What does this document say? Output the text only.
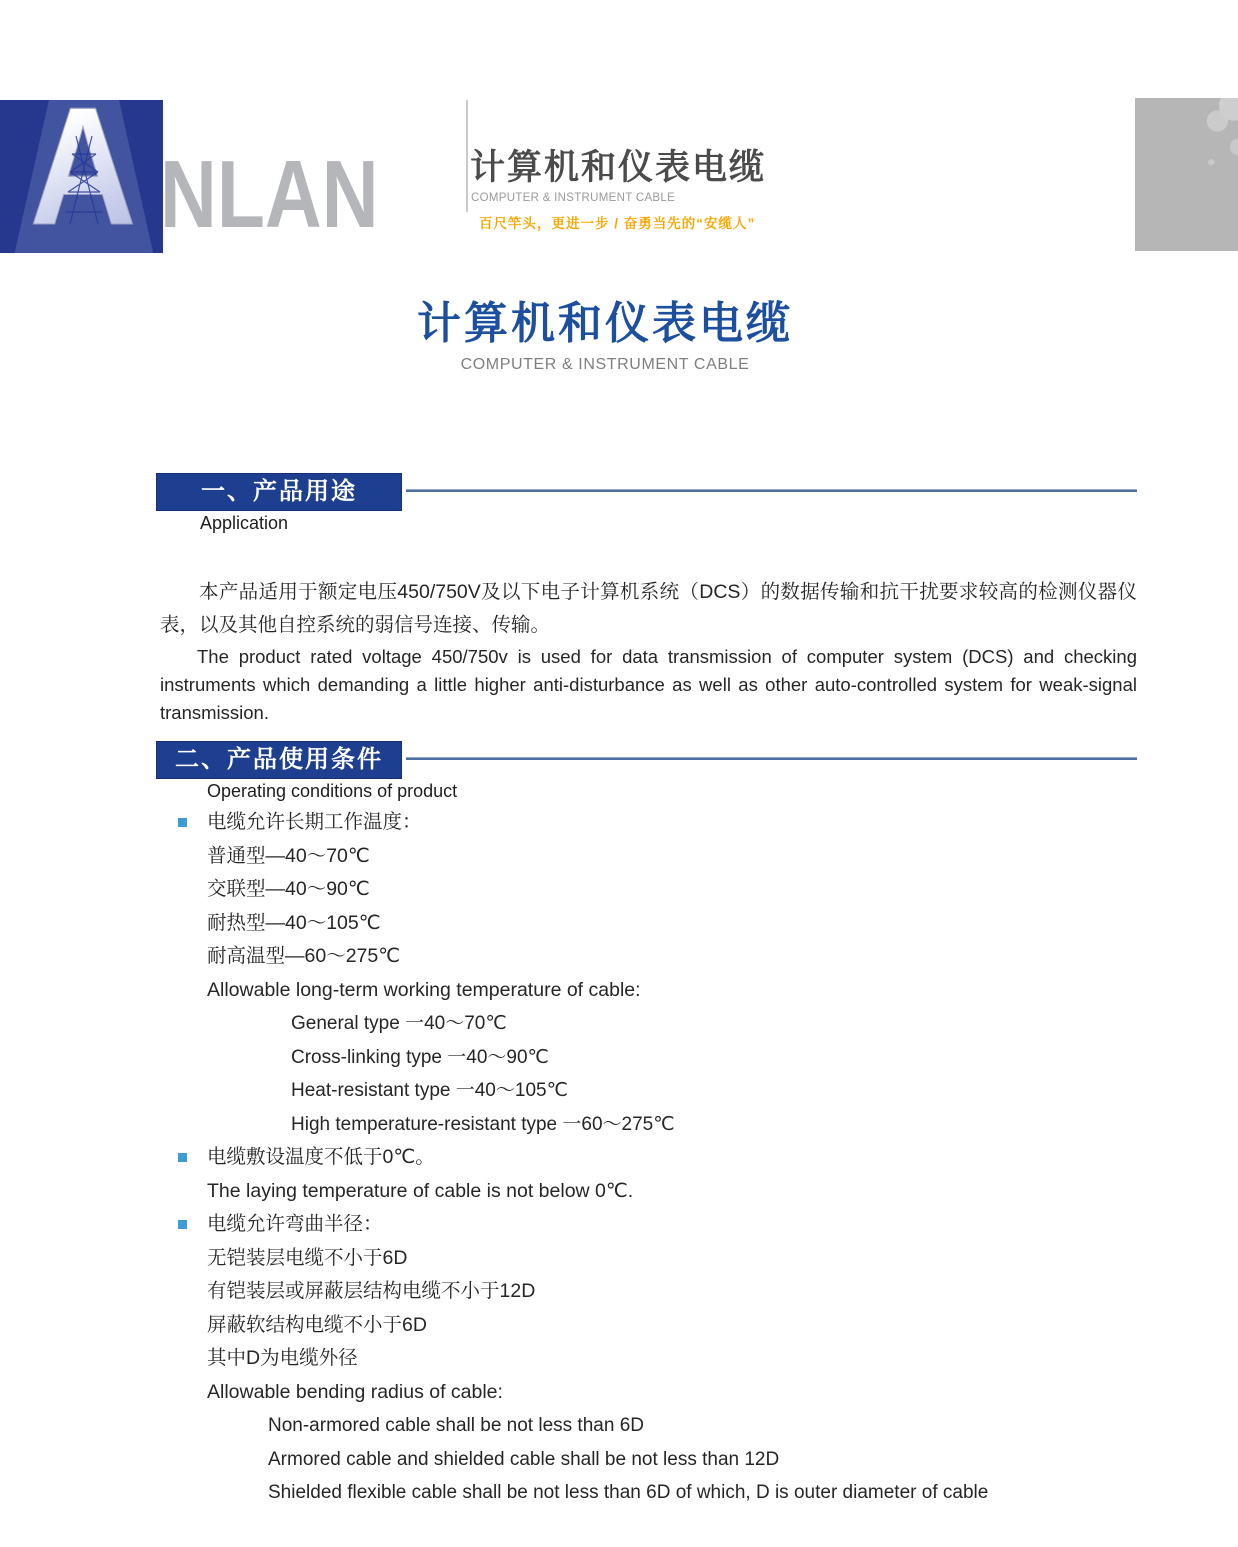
A NLAN	计算机和仪表电缆
COMPUTER & INSTRUMENT CABLE
百尺竿头，更进一步 / 奋勇当先的“安缆人”
计算机和仪表电缆
COMPUTER & INSTRUMENT CABLE
一、产品用途
Application

本产品适用于额定电压450/750V及以下电子计算机系统（DCS）的数据传输和抗干扰要求较高的检测仪器仪表，以及其他自控系统的弱信号连接、传输。

The product rated voltage 450/750v is used for data transmission of computer system (DCS) and checking instruments which demanding a little higher anti-disturbance as well as other auto-controlled system for weak-signal transmission.

二、产品使用条件
Operating conditions of product
电缆允许长期工作温度：
普通型—40～70℃
交联型—40～90℃
耐热型—40～105℃
耐高温型—60～275℃
Allowable long-term working temperature of cable:
General type 一40～70℃
Cross-linking type 一40～90℃
Heat-resistant type 一40～105℃
High temperature-resistant type 一60～275℃
电缆敷设温度不低于0℃。
The laying temperature of cable is not below 0℃.
电缆允许弯曲半径：
无铠装层电缆不小于6D
有铠装层或屏蔽层结构电缆不小于12D
屏蔽软结构电缆不小于6D
其中D为电缆外径
Allowable bending radius of cable:
Non-armored cable shall be not less than 6D
Armored cable and shielded cable shall be not less than 12D
Shielded flexible cable shall be not less than 6D of which, D is outer diameter of cable
